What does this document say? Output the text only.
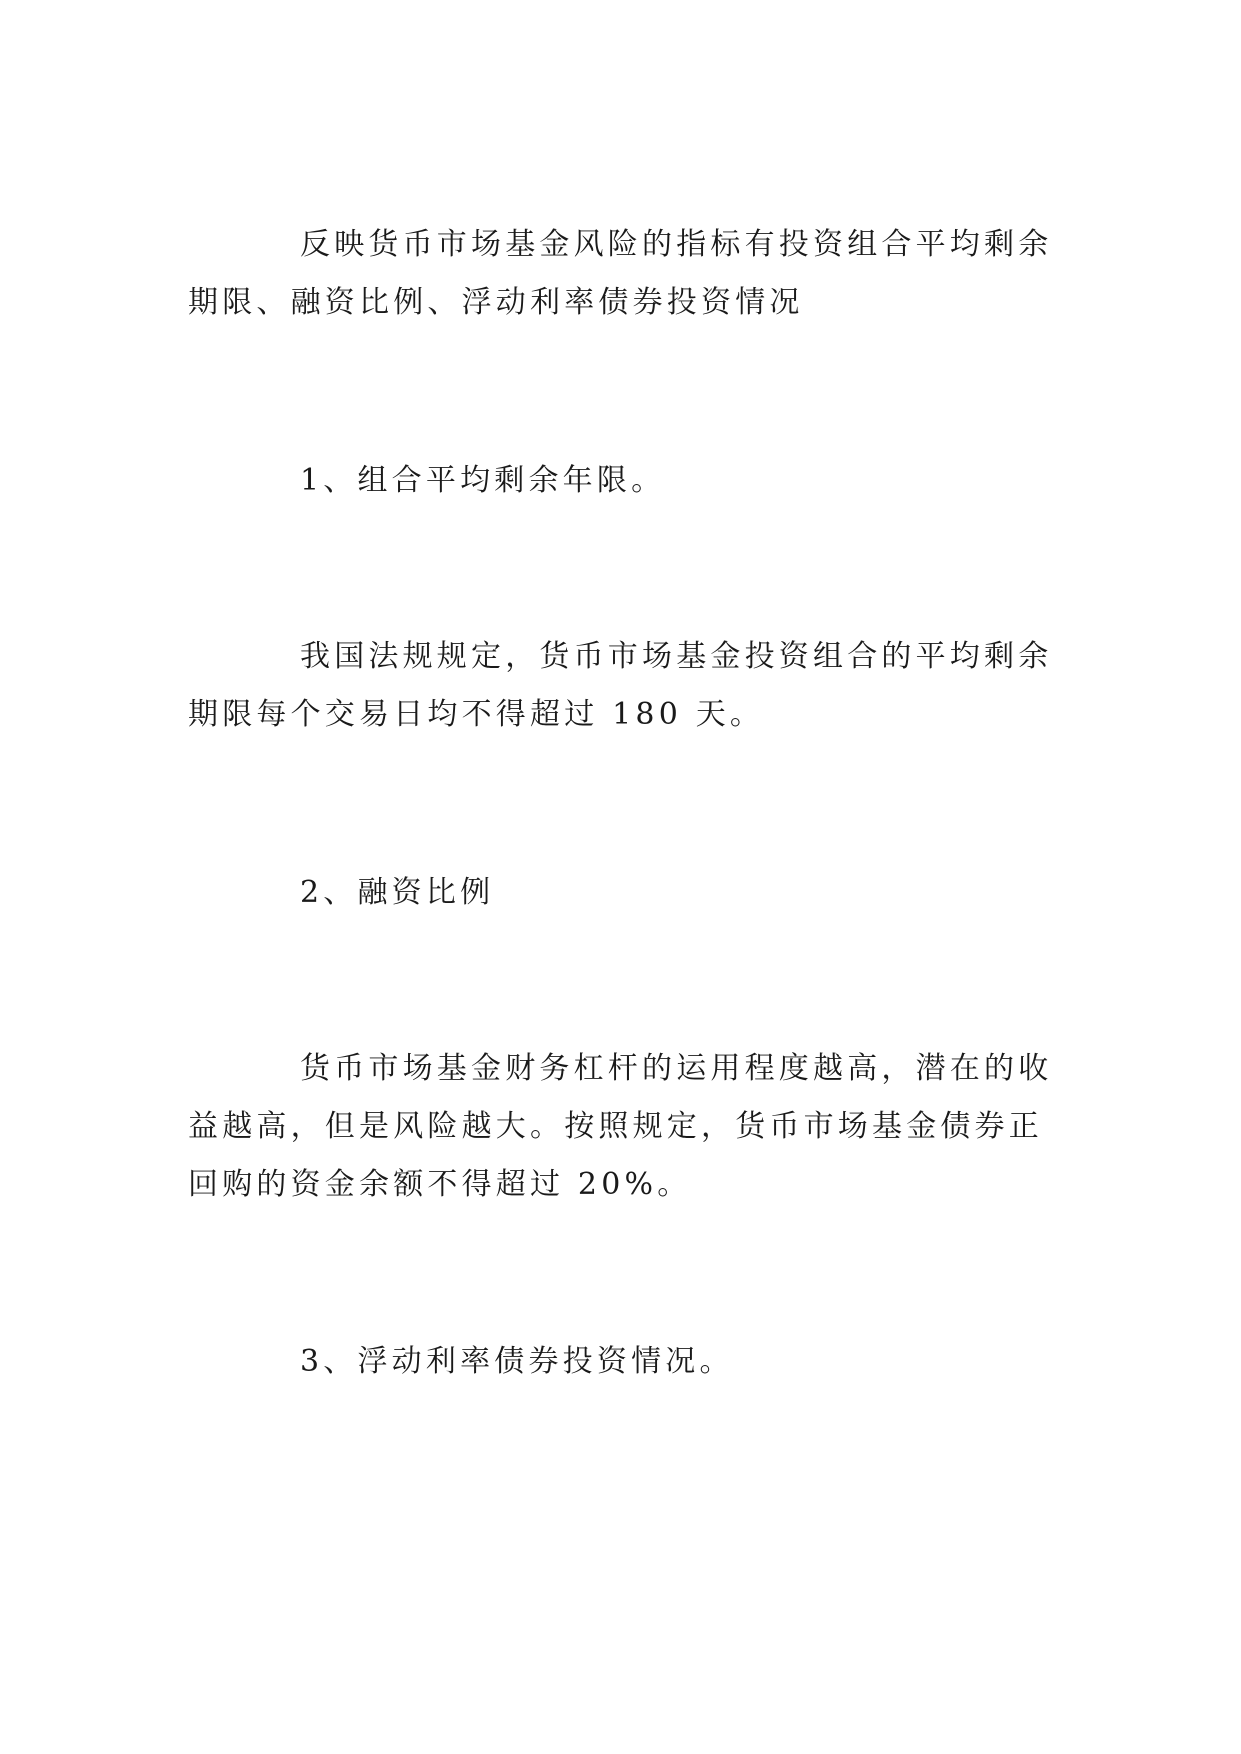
反映货币市场基金风险的指标有投资组合平均剩余期限、融资比例、浮动利率债券投资情况

1、组合平均剩余年限。

我国法规规定，货币市场基金投资组合的平均剩余期限每个交易日均不得超过 180 天。

2、融资比例

货币市场基金财务杠杆的运用程度越高，潜在的收益越高，但是风险越大。按照规定，货币市场基金债券正回购的资金余额不得超过 20%。

3、浮动利率债券投资情况。
